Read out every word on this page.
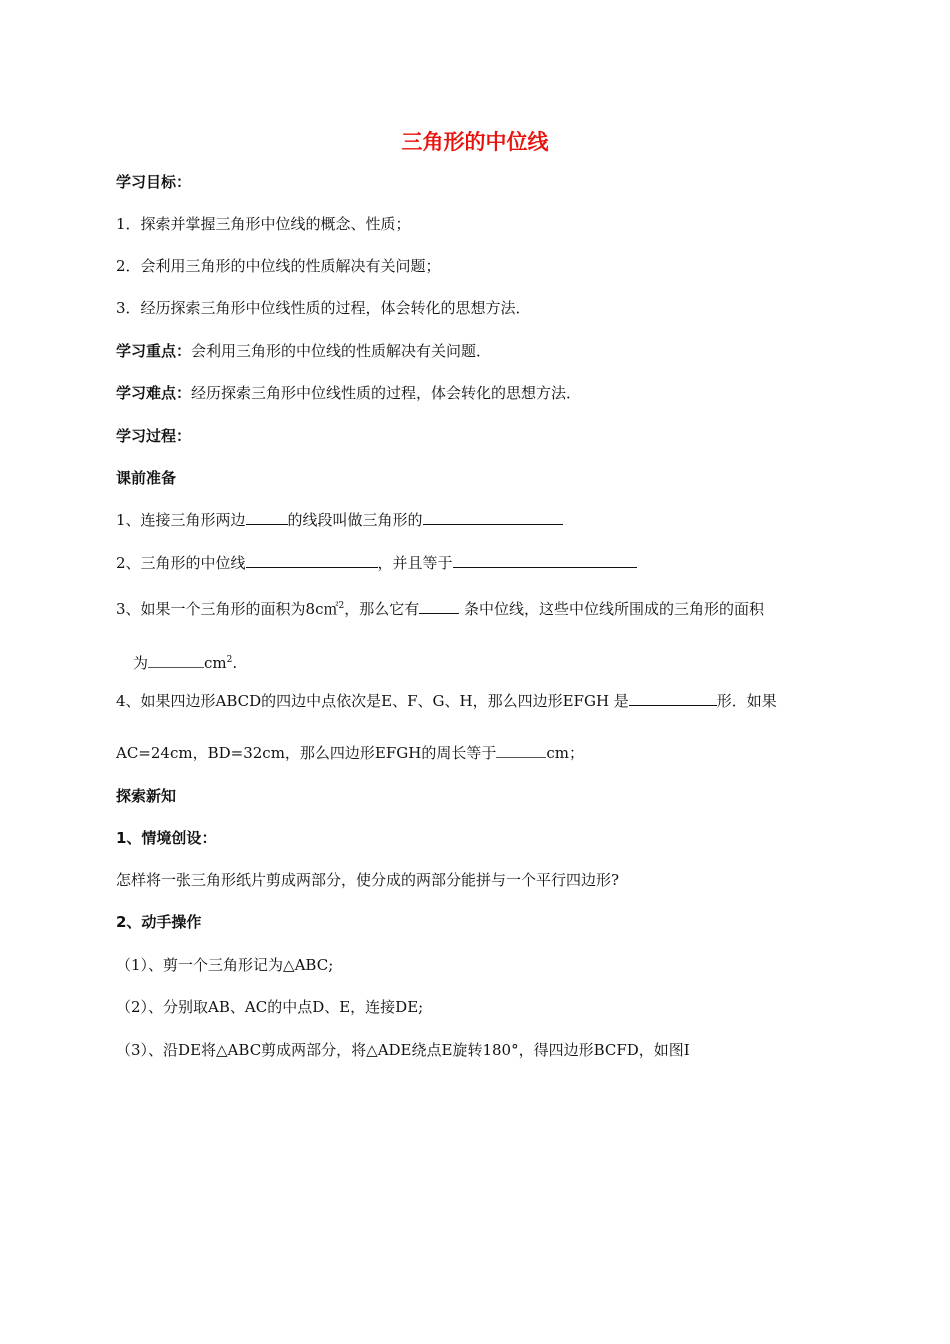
三角形的中位线
学习目标：
1．探索并掌握三角形中位线的概念、性质；
2．会利用三角形的中位线的性质解决有关问题；
3．经历探索三角形中位线性质的过程，体会转化的思想方法．
学习重点：会利用三角形的中位线的性质解决有关问题．
学习难点：经历探索三角形中位线性质的过程，体会转化的思想方法．
学习过程：
课前准备
1、连接三角形两边	的线段叫做三角形的
2、三角形的中位线	，并且等于
3、如果一个三角形的面积为8c㎡$^2$，那么它有	条中位线，这些中位线所围成的三角形的面积
为	$cm^2$.
4、如果四边形ABCD的四边中点依次是E、F、G、H，那么四边形EFGH 是	形．如果
AC=24cm，BD=32cm，那么四边形EFGH的周长等于	cm；
探索新知
1、情境创设：
怎样将一张三角形纸片剪成两部分，使分成的两部分能拼与一个平行四边形?
2、动手操作
（1）、剪一个三角形记为△ABC;
（2）、分别取AB、AC的中点D、E，连接DE;
（3）、沿DE将△ABC剪成两部分，将△ADE绕点E旋转180°，得四边形BCFD，如图Ⅰ
